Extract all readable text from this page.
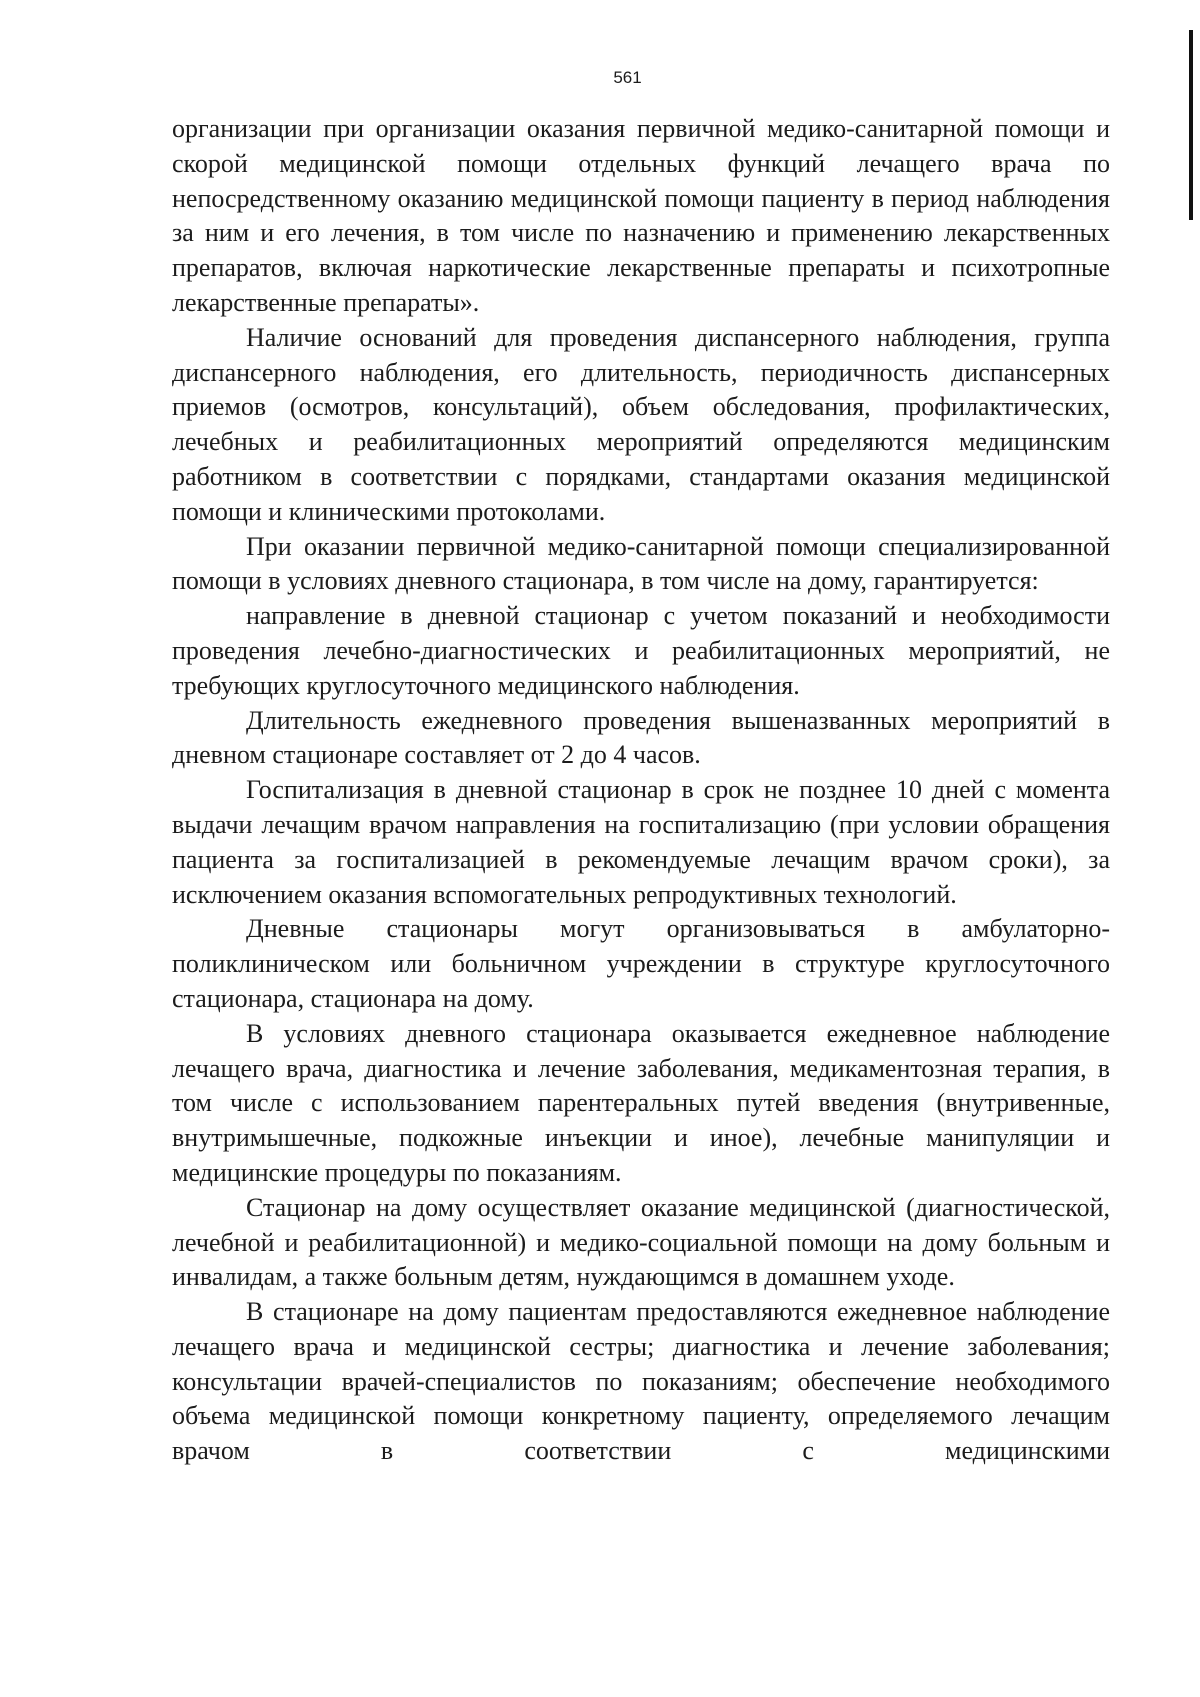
561

организации при организации оказания первичной медико-санитарной помощи и скорой медицинской помощи отдельных функций лечащего врача по непосредственному оказанию медицинской помощи пациенту в период наблюдения за ним и его лечения, в том числе по назначению и применению лекарственных препаратов, включая наркотические лекарственные препараты и психотропные лекарственные препараты».

Наличие оснований для проведения диспансерного наблюдения, группа диспансерного наблюдения, его длительность, периодичность диспансерных приемов (осмотров, консультаций), объем обследования, профилактических, лечебных и реабилитационных мероприятий определяются медицинским работником в соответствии с порядками, стандартами оказания медицинской помощи и клиническими протоколами.

При оказании первичной медико-санитарной помощи специализированной помощи в условиях дневного стационара, в том числе на дому, гарантируется:

направление в дневной стационар с учетом показаний и необходимости проведения лечебно-диагностических и реабилитационных мероприятий, не требующих круглосуточного медицинского наблюдения.

Длительность ежедневного проведения вышеназванных мероприятий в дневном стационаре составляет от 2 до 4 часов.

Госпитализация в дневной стационар в срок не позднее 10 дней с момента выдачи лечащим врачом направления на госпитализацию (при условии обращения пациента за госпитализацией в рекомендуемые лечащим врачом сроки), за исключением оказания вспомогательных репродуктивных технологий.

Дневные стационары могут организовываться в амбулаторно-поликлиническом или больничном учреждении в структуре круглосуточного стационара, стационара на дому.

В условиях дневного стационара оказывается ежедневное наблюдение лечащего врача, диагностика и лечение заболевания, медикаментозная терапия, в том числе с использованием парентеральных путей введения (внутривенные, внутримышечные, подкожные инъекции и иное), лечебные манипуляции и медицинские процедуры по показаниям.

Стационар на дому осуществляет оказание медицинской (диагностической, лечебной и реабилитационной) и медико-социальной помощи на дому больным и инвалидам, а также больным детям, нуждающимся в домашнем уходе.

В стационаре на дому пациентам предоставляются ежедневное наблюдение лечащего врача и медицинской сестры; диагностика и лечение заболевания; консультации врачей-специалистов по показаниям; обеспечение необходимого объема медицинской помощи конкретному пациенту, определяемого лечащим врачом в соответствии с медицинскими
